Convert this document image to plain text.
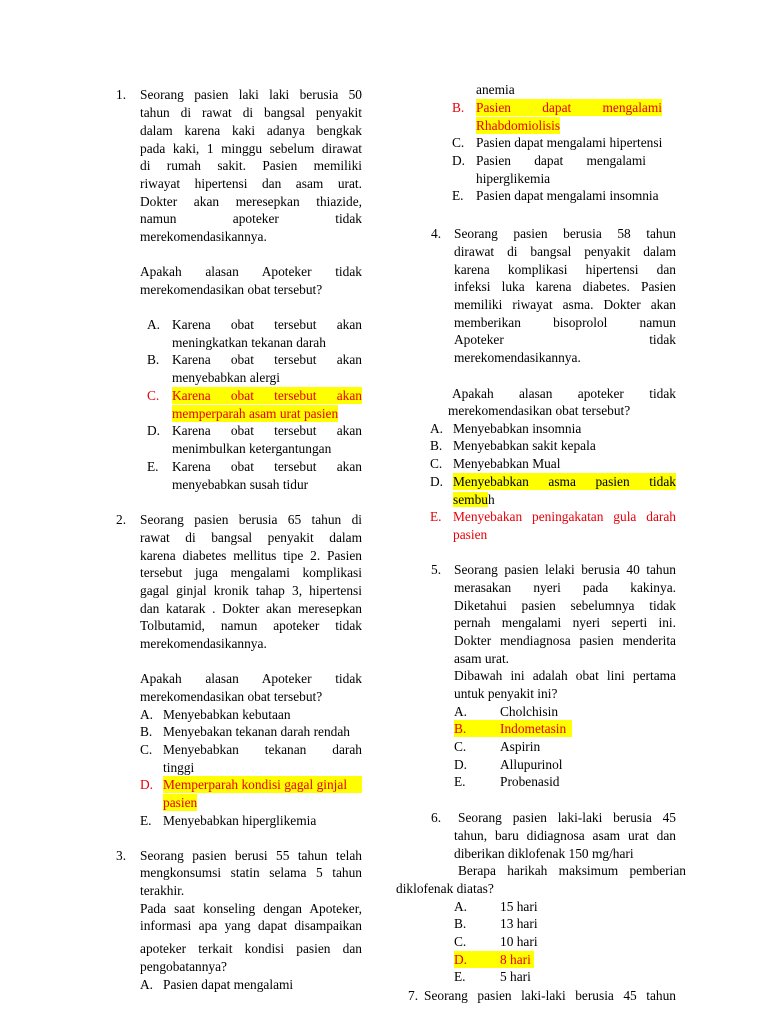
1. Seorang pasien laki laki berusia 50
tahun di rawat di bangsal penyakit
dalam karena kaki adanya bengkak
pada kaki, 1 minggu sebelum dirawat
di rumah sakit. Pasien memiliki
riwayat hipertensi dan asam urat.
Dokter akan meresepkan thiazide,
namun apoteker tidak
merekomendasikannya.
Apakah alasan Apoteker tidak
merekomendasikan obat tersebut?
A. Karena obat tersebut akan
meningkatkan tekanan darah
B. Karena obat tersebut akan
menyebabkan alergi
C. Karena obat tersebut akan
memperparah asam urat pasien
D. Karena obat tersebut akan
menimbulkan ketergantungan
E. Karena obat tersebut akan
menyebabkan susah tidur
2. Seorang pasien berusia 65 tahun di
rawat di bangsal penyakit dalam
karena diabetes mellitus tipe 2. Pasien
tersebut juga mengalami komplikasi
gagal ginjal kronik tahap 3, hipertensi
dan katarak . Dokter akan meresepkan
Tolbutamid, namun apoteker tidak
merekomendasikannya.
Apakah alasan Apoteker tidak
merekomendasikan obat tersebut?
A. Menyebabkan kebutaan
B. Menyebakan tekanan darah rendah
C. Menyebabkan tekanan darah
tinggi
D. Memperparah kondisi gagal ginjal
pasien
E. Menyebabkan hiperglikemia
3. Seorang pasien berusi 55 tahun telah
mengkonsumsi statin selama 5 tahun
terakhir.
Pada saat konseling dengan Apoteker,
informasi apa yang dapat disampaikan
apoteker terkait kondisi pasien dan
pengobatannya?
A. Pasien dapat mengalami
anemia
B. Pasien dapat mengalami
Rhabdomiolisis
C. Pasien dapat mengalami hipertensi
D. Pasien dapat mengalami
hiperglikemia
E. Pasien dapat mengalami insomnia
4. Seorang pasien berusia 58 tahun
dirawat di bangsal penyakit dalam
karena komplikasi hipertensi dan
infeksi luka karena diabetes. Pasien
memiliki riwayat asma. Dokter akan
memberikan bisoprolol namun
Apoteker tidak
merekomendasikannya.
Apakah alasan apoteker tidak
merekomendasikan obat tersebut?
A. Menyebabkan insomnia
B. Menyebabkan sakit kepala
C. Menyebabkan Mual
D. Menyebabkan asma pasien tidak
sembuh
E. Menyebakan peningakatan gula darah
pasien
5. Seorang pasien lelaki berusia 40 tahun
merasakan nyeri pada kakinya.
Diketahui pasien sebelumnya tidak
pernah mengalami nyeri seperti ini.
Dokter mendiagnosa pasien menderita
asam urat.
Dibawah ini adalah obat lini pertama
untuk penyakit ini?
A. Cholchisin
B.	Indometasin
C.	Aspirin
D. Allupurinol
E.	Probenasid
6. Seorang pasien laki-laki berusia 45
tahun, baru didiagnosa asam urat dan
diberikan diklofenak 150 mg/hari
Berapa harikah maksimum pemberian
diklofenak diatas?
A. 15 hari
B.	13 hari
C.	10 hari
D. 8 hari
E.	5 hari
7. Seorang pasien laki-laki berusia 45 tahun
